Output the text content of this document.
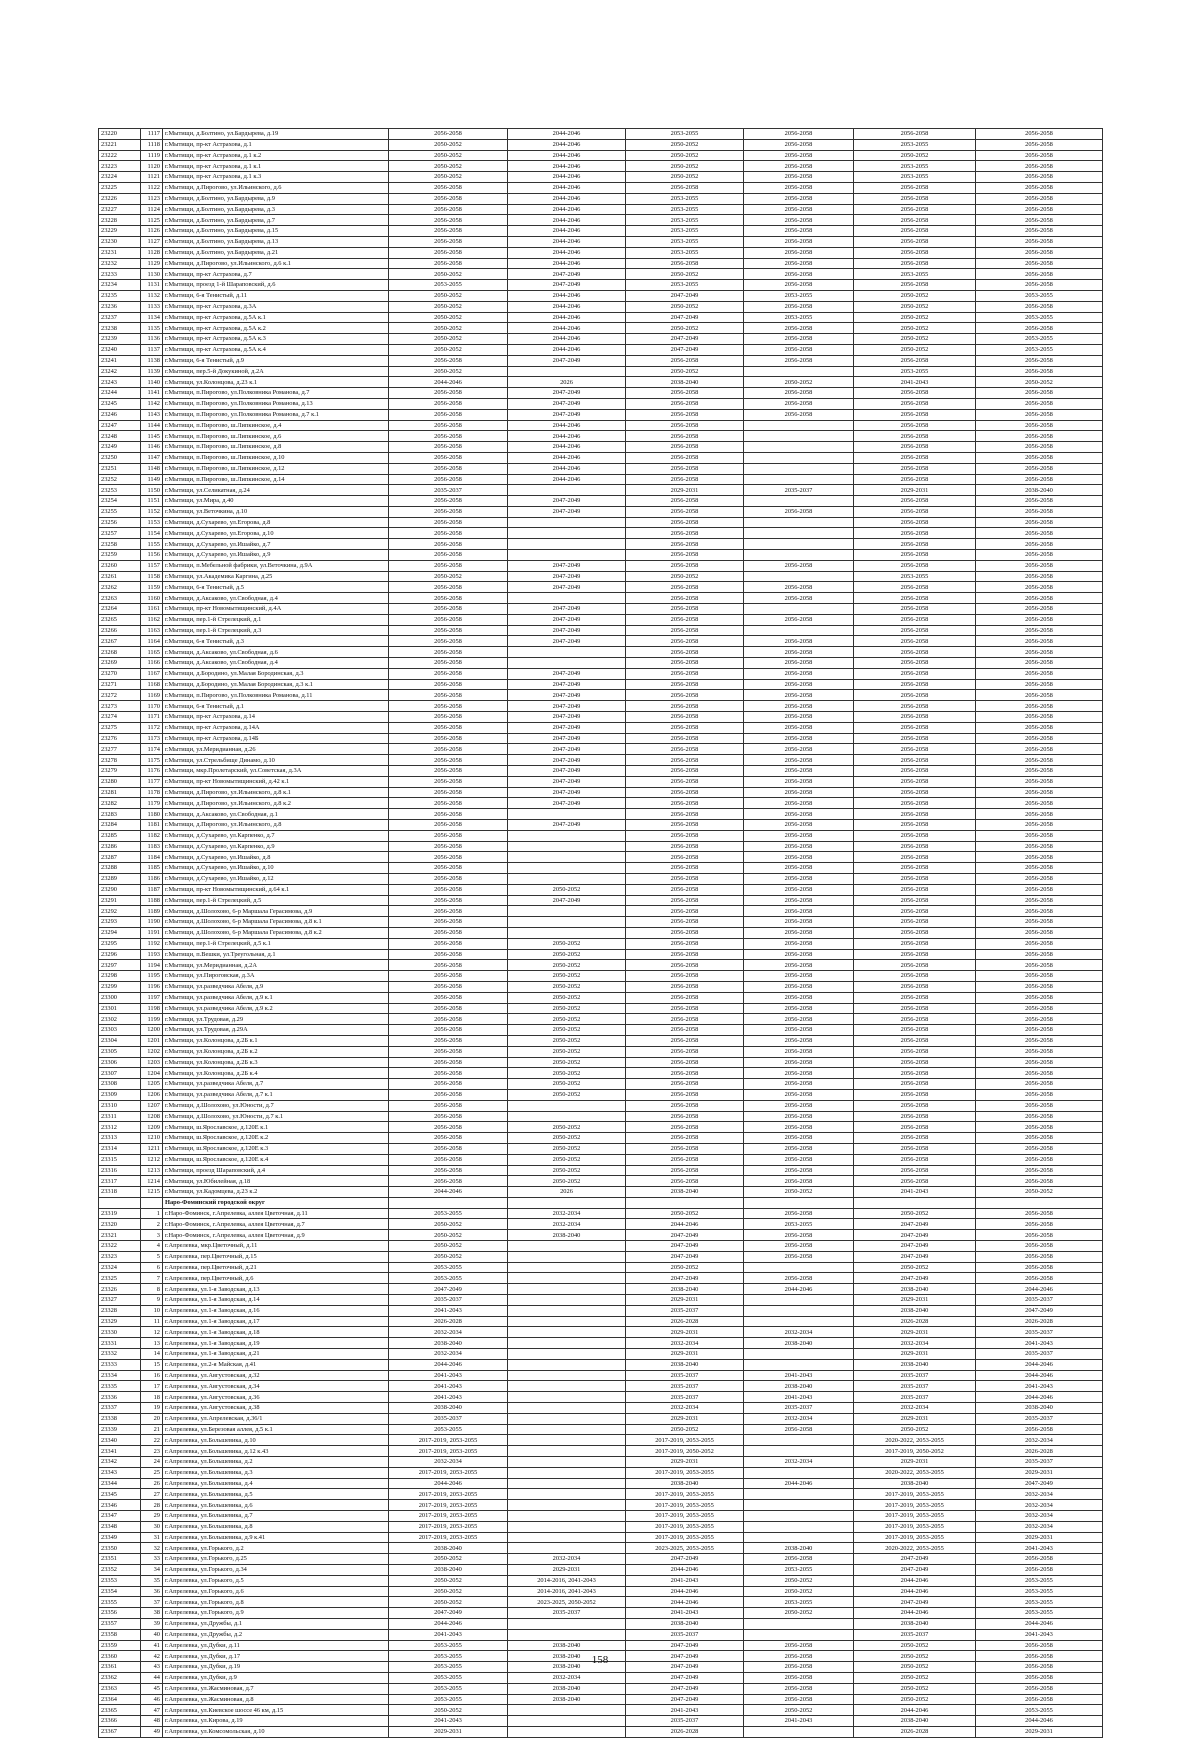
23220	1117	г.Мытищи, д.Болтино, ул.Бардырева, д.19	2056-2058	2044-2046	2053-2055	2056-2058	2056-2058	2056-2058
23221	1118	г.Мытищи, пр-кт Астрахова, д.1	2050-2052	2044-2046	2050-2052	2056-2058	2053-2055	2056-2058
23222	1119	г.Мытищи, пр-кт Астрахова, д.1 к.2	2050-2052	2044-2046	2050-2052	2056-2058	2050-2052	2056-2058
23223	1120	г.Мытищи, пр-кт Астрахова, д.1 к.1	2050-2052	2044-2046	2050-2052	2056-2058	2053-2055	2056-2058
23224	1121	г.Мытищи, пр-кт Астрахова, д.1 к.3	2050-2052	2044-2046	2050-2052	2056-2058	2053-2055	2056-2058
23225	1122	г.Мытищи, д.Пирогово, ул.Ильинского, д.6	2056-2058	2044-2046	2056-2058	2056-2058	2056-2058	2056-2058
23226	1123	г.Мытищи, д.Болтино, ул.Бардырева, д.9	2056-2058	2044-2046	2053-2055	2056-2058	2056-2058	2056-2058
23227	1124	г.Мытищи, д.Болтино, ул.Бардырева, д.3	2056-2058	2044-2046	2053-2055	2056-2058	2056-2058	2056-2058
23228	1125	г.Мытищи, д.Болтино, ул.Бардырева, д.7	2056-2058	2044-2046	2053-2055	2056-2058	2056-2058	2056-2058
23229	1126	г.Мытищи, д.Болтино, ул.Бардырева, д.15	2056-2058	2044-2046	2053-2055	2056-2058	2056-2058	2056-2058
23230	1127	г.Мытищи, д.Болтино, ул.Бардырева, д.13	2056-2058	2044-2046	2053-2055	2056-2058	2056-2058	2056-2058
23231	1128	г.Мытищи, д.Болтино, ул.Бардырева, д.21	2056-2058	2044-2046	2053-2055	2056-2058	2056-2058	2056-2058
23232	1129	г.Мытищи, д.Пирогово, ул.Ильинского, д.6 к.1	2056-2058	2044-2046	2056-2058	2056-2058	2056-2058	2056-2058
23233	1130	г.Мытищи, пр-кт Астрахова, д.7	2050-2052	2047-2049	2050-2052	2056-2058	2053-2055	2056-2058
23234	1131	г.Мытищи, проезд 1-й Шараповский, д.6	2053-2055	2047-2049	2053-2055	2056-2058	2056-2058	2056-2058
23235	1132	г.Мытищи, 6-я Тенистый, д.11	2050-2052	2044-2046	2047-2049	2053-2055	2050-2052	2053-2055
23236	1133	г.Мытищи, пр-кт Астрахова, д.3А	2050-2052	2044-2046	2050-2052	2056-2058	2050-2052	2056-2058
23237	1134	г.Мытищи, пр-кт Астрахова, д.5А к.1	2050-2052	2044-2046	2047-2049	2053-2055	2050-2052	2053-2055
23238	1135	г.Мытищи, пр-кт Астрахова, д.5А к.2	2050-2052	2044-2046	2050-2052	2056-2058	2050-2052	2056-2058
23239	1136	г.Мытищи, пр-кт Астрахова, д.5А к.3	2050-2052	2044-2046	2047-2049	2056-2058	2050-2052	2053-2055
23240	1137	г.Мытищи, пр-кт Астрахова, д.5А к.4	2050-2052	2044-2046	2047-2049	2056-2058	2050-2052	2053-2055
23241	1138	г.Мытищи, 6-я Тенистый, д.9	2056-2058	2047-2049	2056-2058	2056-2058	2056-2058	2056-2058
23242	1139	г.Мытищи, пер.5-й Докукиной, д.2А	2050-2052		2050-2052		2053-2055	2056-2058
23243	1140	г.Мытищи, ул.Колонцова, д.23 к.1	2044-2046	2026	2038-2040	2050-2052	2041-2043	2050-2052
23244	1141	г.Мытищи, п.Пирогово, ул.Полковника Романова, д.7	2056-2058	2047-2049	2056-2058	2056-2058	2056-2058	2056-2058
23245	1142	г.Мытищи, п.Пирогово, ул.Полковника Романова, д.13	2056-2058	2047-2049	2056-2058	2056-2058	2056-2058	2056-2058
23246	1143	г.Мытищи, п.Пирогово, ул.Полковника Романова, д.7 к.1	2056-2058	2047-2049	2056-2058	2056-2058	2056-2058	2056-2058
23247	1144	г.Мытищи, п.Пирогово, ш.Липкинское, д.4	2056-2058	2044-2046	2056-2058		2056-2058	2056-2058
23248	1145	г.Мытищи, п.Пирогово, ш.Липкинское, д.6	2056-2058	2044-2046	2056-2058		2056-2058	2056-2058
23249	1146	г.Мытищи, п.Пирогово, ш.Липкинское, д.8	2056-2058	2044-2046	2056-2058		2056-2058	2056-2058
23250	1147	г.Мытищи, п.Пирогово, ш.Липкинское, д.10	2056-2058	2044-2046	2056-2058		2056-2058	2056-2058
23251	1148	г.Мытищи, п.Пирогово, ш.Липкинское, д.12	2056-2058	2044-2046	2056-2058		2056-2058	2056-2058
23252	1149	г.Мытищи, п.Пирогово, ш.Липкинское, д.14	2056-2058	2044-2046	2056-2058		2056-2058	2056-2058
23253	1150	г.Мытищи, ул.Селикатная, д.24	2035-2037		2029-2031	2035-2037	2029-2031	2038-2040
23254	1151	г.Мытищи, ул.Мира, д.40	2056-2058	2047-2049	2056-2058		2056-2058	2056-2058
23255	1152	г.Мытищи, ул.Веточкина, д.10	2056-2058	2047-2049	2056-2058	2056-2058	2056-2058	2056-2058
23256	1153	г.Мытищи, д.Сухарево, ул.Егорова, д.8	2056-2058		2056-2058		2056-2058	2056-2058
23257	1154	г.Мытищи, д.Сухарево, ул.Егорова, д.10	2056-2058		2056-2058		2056-2058	2056-2058
23258	1155	г.Мытищи, д.Сухарево, ул.Ишайко, д.7	2056-2058		2056-2058		2056-2058	2056-2058
23259	1156	г.Мытищи, д.Сухарево, ул.Ишайко, д.9	2056-2058		2056-2058		2056-2058	2056-2058
23260	1157	г.Мытищи, п.Мебельной фабрики, ул.Веточкина, д.9А	2056-2058	2047-2049	2056-2058	2056-2058	2056-2058	2056-2058
23261	1158	г.Мытищи, ул.Академика Каргина, д.25	2050-2052	2047-2049	2050-2052		2053-2055	2056-2058
23262	1159	г.Мытищи, 6-я Тенистый, д.5	2056-2058	2047-2049	2056-2058	2056-2058	2056-2058	2056-2058
23263	1160	г.Мытищи, д.Аксаково, ул.Свободная, д.4	2056-2058		2056-2058	2056-2058	2056-2058	2056-2058
23264	1161	г.Мытищи, пр-кт Новомытищинский, д.4А	2056-2058	2047-2049	2056-2058		2056-2058	2056-2058
23265	1162	г.Мытищи, пер.1-й Стрелецкий, д.1	2056-2058	2047-2049	2056-2058	2056-2058	2056-2058	2056-2058
23266	1163	г.Мытищи, пер.1-й Стрелецкий, д.3	2056-2058	2047-2049	2056-2058		2056-2058	2056-2058
23267	1164	г.Мытищи, 6-я Тенистый, д.3	2056-2058	2047-2049	2056-2058	2056-2058	2056-2058	2056-2058
23268	1165	г.Мытищи, д.Аксаково, ул.Свободная, д.6	2056-2058		2056-2058	2056-2058	2056-2058	2056-2058
23269	1166	г.Мытищи, д.Аксаково, ул.Свободная, д.4	2056-2058		2056-2058	2056-2058	2056-2058	2056-2058
23270	1167	г.Мытищи, д.Бородино, ул.Малая Бородинская, д.3	2056-2058	2047-2049	2056-2058	2056-2058	2056-2058	2056-2058
23271	1168	г.Мытищи, д.Бородино, ул.Малая Бородинская, д.3 к.1	2056-2058	2047-2049	2056-2058	2056-2058	2056-2058	2056-2058
23272	1169	г.Мытищи, п.Пирогово, ул.Полковника Романова, д.11	2056-2058	2047-2049	2056-2058	2056-2058	2056-2058	2056-2058
23273	1170	г.Мытищи, 6-я Тенистый, д.1	2056-2058	2047-2049	2056-2058	2056-2058	2056-2058	2056-2058
23274	1171	г.Мытищи, пр-кт Астрахова, д.14	2056-2058	2047-2049	2056-2058	2056-2058	2056-2058	2056-2058
23275	1172	г.Мытищи, пр-кт Астрахова, д.14А	2056-2058	2047-2049	2056-2058	2056-2058	2056-2058	2056-2058
23276	1173	г.Мытищи, пр-кт Астрахова, д.14Б	2056-2058	2047-2049	2056-2058	2056-2058	2056-2058	2056-2058
23277	1174	г.Мытищи, ул.Меридианная, д.26	2056-2058	2047-2049	2056-2058	2056-2058	2056-2058	2056-2058
23278	1175	г.Мытищи, ул.Стрельбище Динамо, д.10	2056-2058	2047-2049	2056-2058	2056-2058	2056-2058	2056-2058
23279	1176	г.Мытищи, мкр.Пролетарский, ул.Советская, д.3А	2056-2058	2047-2049	2056-2058	2056-2058	2056-2058	2056-2058
23280	1177	г.Мытищи, пр-кт Новомытищинский, д.42 к.1	2056-2058	2047-2049	2056-2058	2056-2058	2056-2058	2056-2058
23281	1178	г.Мытищи, д.Пирогово, ул.Ильинского, д.8 к.1	2056-2058	2047-2049	2056-2058	2056-2058	2056-2058	2056-2058
23282	1179	г.Мытищи, д.Пирогово, ул.Ильинского, д.8 к.2	2056-2058	2047-2049	2056-2058	2056-2058	2056-2058	2056-2058
23283	1180	г.Мытищи, д.Аксаково, ул.Свободная, д.1	2056-2058		2056-2058	2056-2058	2056-2058	2056-2058
23284	1181	г.Мытищи, д.Пирогово, ул.Ильинского, д.8	2056-2058	2047-2049	2056-2058	2056-2058	2056-2058	2056-2058
23285	1182	г.Мытищи, д.Сухарево, ул.Карпенко, д.7	2056-2058		2056-2058	2056-2058	2056-2058	2056-2058
23286	1183	г.Мытищи, д.Сухарево, ул.Карпенко, д.9	2056-2058		2056-2058	2056-2058	2056-2058	2056-2058
23287	1184	г.Мытищи, д.Сухарево, ул.Ишайко, д.8	2056-2058		2056-2058	2056-2058	2056-2058	2056-2058
23288	1185	г.Мытищи, д.Сухарево, ул.Ишайко, д.10	2056-2058		2056-2058	2056-2058	2056-2058	2056-2058
23289	1186	г.Мытищи, д.Сухарево, ул.Ишайко, д.12	2056-2058		2056-2058	2056-2058	2056-2058	2056-2058
23290	1187	г.Мытищи, пр-кт Новомытищинский, д.64 к.1	2056-2058	2050-2052	2056-2058	2056-2058	2056-2058	2056-2058
23291	1188	г.Мытищи, пер.1-й Стрелецкий, д.5	2056-2058	2047-2049	2056-2058	2056-2058	2056-2058	2056-2058
23292	1189	г.Мытищи, д.Шолохово, 6-р Маршала Герасимова, д.9	2056-2058		2056-2058	2056-2058	2056-2058	2056-2058
23293	1190	г.Мытищи, д.Шолохово, 6-р Маршала Герасимова, д.8 к.1	2056-2058		2056-2058	2056-2058	2056-2058	2056-2058
23294	1191	г.Мытищи, д.Шолохово, 6-р Маршала Герасимова, д.8 к.2	2056-2058		2056-2058	2056-2058	2056-2058	2056-2058
23295	1192	г.Мытищи, пер.1-й Стрелецкий, д.5 к.1	2056-2058	2050-2052	2056-2058	2056-2058	2056-2058	2056-2058
23296	1193	г.Мытищи, п.Вешки, ул.Треугольная, д.1	2056-2058	2050-2052	2056-2058	2056-2058	2056-2058	2056-2058
23297	1194	г.Мытищи, ул.Меридианная, д.2А	2056-2058	2050-2052	2056-2058	2056-2058	2056-2058	2056-2058
23298	1195	г.Мытищи, ул.Пироговская, д.3А	2056-2058	2050-2052	2056-2058	2056-2058	2056-2058	2056-2058
23299	1196	г.Мытищи, ул.разведчика Абеля, д.9	2056-2058	2050-2052	2056-2058	2056-2058	2056-2058	2056-2058
23300	1197	г.Мытищи, ул.разведчика Абеля, д.9 к.1	2056-2058	2050-2052	2056-2058	2056-2058	2056-2058	2056-2058
23301	1198	г.Мытищи, ул.разведчика Абеля, д.9 к.2	2056-2058	2050-2052	2056-2058	2056-2058	2056-2058	2056-2058
23302	1199	г.Мытищи, ул.Трудовая, д.29	2056-2058	2050-2052	2056-2058	2056-2058	2056-2058	2056-2058
23303	1200	г.Мытищи, ул.Трудовая, д.29А	2056-2058	2050-2052	2056-2058	2056-2058	2056-2058	2056-2058
23304	1201	г.Мытищи, ул.Колонцова, д.2Б к.1	2056-2058	2050-2052	2056-2058	2056-2058	2056-2058	2056-2058
23305	1202	г.Мытищи, ул.Колонцова, д.2Б к.2	2056-2058	2050-2052	2056-2058	2056-2058	2056-2058	2056-2058
23306	1203	г.Мытищи, ул.Колонцова, д.2Б к.3	2056-2058	2050-2052	2056-2058	2056-2058	2056-2058	2056-2058
23307	1204	г.Мытищи, ул.Колонцова, д.2Б к.4	2056-2058	2050-2052	2056-2058	2056-2058	2056-2058	2056-2058
23308	1205	г.Мытищи, ул.разведчика Абеля, д.7	2056-2058	2050-2052	2056-2058	2056-2058	2056-2058	2056-2058
23309	1206	г.Мытищи, ул.разведчика Абеля, д.7 к.1	2056-2058	2050-2052	2056-2058	2056-2058	2056-2058	2056-2058
23310	1207	г.Мытищи, д.Шолохово, ул.Юности, д.7	2056-2058		2056-2058	2056-2058	2056-2058	2056-2058
23311	1208	г.Мытищи, д.Шолохово, ул.Юности, д.7 к.1	2056-2058		2056-2058	2056-2058	2056-2058	2056-2058
23312	1209	г.Мытищи, ш.Ярославское, д.120Е к.1	2056-2058	2050-2052	2056-2058	2056-2058	2056-2058	2056-2058
23313	1210	г.Мытищи, ш.Ярославское, д.120Е к.2	2056-2058	2050-2052	2056-2058	2056-2058	2056-2058	2056-2058
23314	1211	г.Мытищи, ш.Ярославское, д.120Е к.3	2056-2058	2050-2052	2056-2058	2056-2058	2056-2058	2056-2058
23315	1212	г.Мытищи, ш.Ярославское, д.120Е к.4	2056-2058	2050-2052	2056-2058	2056-2058	2056-2058	2056-2058
23316	1213	г.Мытищи, проезд Шараповский, д.4	2056-2058	2050-2052	2056-2058	2056-2058	2056-2058	2056-2058
23317	1214	г.Мытищи, ул.Юбилейная, д.18	2056-2058	2050-2052	2056-2058	2056-2058	2056-2058	2056-2058
23318	1215	г.Мытищи, ул.Кадомцева, д.23 к.2	2044-2046	2026	2038-2040	2050-2052	2041-2043	2050-2052
		Наро-Фоминский городской округ						
23319	1	г.Наро-Фоминск, г.Апрелевка, аллея Цветочная, д.11	2053-2055	2032-2034	2050-2052	2056-2058	2050-2052	2056-2058
23320	2	г.Наро-Фоминск, г.Апрелевка, аллея Цветочная, д.7	2050-2052	2032-2034	2044-2046	2053-2055	2047-2049	2056-2058
23321	3	г.Наро-Фоминск, г.Апрелевка, аллея Цветочная, д.9	2050-2052	2038-2040	2047-2049	2056-2058	2047-2049	2056-2058
23322	4	г.Апрелевка, мкр.Цветочный, д.11	2050-2052		2047-2049	2056-2058	2047-2049	2056-2058
23323	5	г.Апрелевка, пер.Цветочный, д.15	2050-2052		2047-2049	2056-2058	2047-2049	2056-2058
23324	6	г.Апрелевка, пер.Цветочный, д.21	2053-2055		2050-2052		2050-2052	2056-2058
23325	7	г.Апрелевка, пер.Цветочный, д.6	2053-2055		2047-2049	2056-2058	2047-2049	2056-2058
23326	8	г.Апрелевка, ул.1-я Заводская, д.13	2047-2049		2038-2040	2044-2046	2038-2040	2044-2046
23327	9	г.Апрелевка, ул.1-я Заводская, д.14	2035-2037		2029-2031		2029-2031	2035-2037
23328	10	г.Апрелевка, ул.1-я Заводская, д.16	2041-2043		2035-2037		2038-2040	2047-2049
23329	11	г.Апрелевка, ул.1-я Заводская, д.17	2026-2028		2026-2028		2026-2028	2026-2028
23330	12	г.Апрелевка, ул.1-я Заводская, д.18	2032-2034		2029-2031	2032-2034	2029-2031	2035-2037
23331	13	г.Апрелевка, ул.1-я Заводская, д.19	2038-2040		2032-2034	2038-2040	2032-2034	2041-2043
23332	14	г.Апрелевка, ул.1-я Заводская, д.21	2032-2034		2029-2031		2029-2031	2035-2037
23333	15	г.Апрелевка, ул.2-я Майская, д.41	2044-2046		2038-2040		2038-2040	2044-2046
23334	16	г.Апрелевка, ул.Августовская, д.32	2041-2043		2035-2037	2041-2043	2035-2037	2044-2046
23335	17	г.Апрелевка, ул.Августовская, д.34	2041-2043		2035-2037	2038-2040	2035-2037	2041-2043
23336	18	г.Апрелевка, ул.Августовская, д.36	2041-2043		2035-2037	2041-2043	2035-2037	2044-2046
23337	19	г.Апрелевка, ул.Августовская, д.38	2038-2040		2032-2034	2035-2037	2032-2034	2038-2040
23338	20	г.Апрелевка, ул.Апрелевская, д.36/1	2035-2037		2029-2031	2032-2034	2029-2031	2035-2037
23339	21	г.Апрелевка, ул.Березовая аллея, д.5 к.1	2053-2055		2050-2052	2056-2058	2050-2052	2056-2058
23340	22	г.Апрелевка, ул.Большевика, д.10	2017-2019, 2053-2055		2017-2019, 2053-2055		2020-2022, 2053-2055	2032-2034
23341	23	г.Апрелевка, ул.Большевика, д.12 к.43	2017-2019, 2053-2055		2017-2019, 2050-2052		2017-2019, 2050-2052	2026-2028
23342	24	г.Апрелевка, ул.Большевика, д.2	2032-2034		2029-2031	2032-2034	2029-2031	2035-2037
23343	25	г.Апрелевка, ул.Большевика, д.3	2017-2019, 2053-2055		2017-2019, 2053-2055		2020-2022, 2053-2055	2029-2031
23344	26	г.Апрелевка, ул.Большевика, д.4	2044-2046		2038-2040	2044-2046	2038-2040	2047-2049
23345	27	г.Апрелевка, ул.Большевика, д.5	2017-2019, 2053-2055		2017-2019, 2053-2055		2017-2019, 2053-2055	2032-2034
23346	28	г.Апрелевка, ул.Большевика, д.6	2017-2019, 2053-2055		2017-2019, 2053-2055		2017-2019, 2053-2055	2032-2034
23347	29	г.Апрелевка, ул.Большевика, д.7	2017-2019, 2053-2055		2017-2019, 2053-2055		2017-2019, 2053-2055	2032-2034
23348	30	г.Апрелевка, ул.Большевика, д.8	2017-2019, 2053-2055		2017-2019, 2053-2055		2017-2019, 2053-2055	2032-2034
23349	31	г.Апрелевка, ул.Большевика, д.9 к.41	2017-2019, 2053-2055		2017-2019, 2053-2055		2017-2019, 2053-2055	2029-2031
23350	32	г.Апрелевка, ул.Горького, д.2	2038-2040		2023-2025, 2053-2055	2038-2040	2020-2022, 2053-2055	2041-2043
23351	33	г.Апрелевка, ул.Горького, д.25	2050-2052	2032-2034	2047-2049	2056-2058	2047-2049	2056-2058
23352	34	г.Апрелевка, ул.Горького, д.34	2038-2040	2029-2031	2044-2046	2053-2055	2047-2049	2056-2058
23353	35	г.Апрелевка, ул.Горького, д.5	2050-2052	2014-2016, 2041-2043	2041-2043	2050-2052	2044-2046	2053-2055
23354	36	г.Апрелевка, ул.Горького, д.6	2050-2052	2014-2016, 2041-2043	2044-2046	2050-2052	2044-2046	2053-2055
23355	37	г.Апрелевка, ул.Горького, д.8	2050-2052	2023-2025, 2050-2052	2044-2046	2053-2055	2047-2049	2053-2055
23356	38	г.Апрелевка, ул.Горького, д.9	2047-2049	2035-2037	2041-2043	2050-2052	2044-2046	2053-2055
23357	39	г.Апрелевка, ул.Дружбы, д.1	2044-2046		2038-2040		2038-2040	2044-2046
23358	40	г.Апрелевка, ул.Дружбы, д.2	2041-2043		2035-2037		2035-2037	2041-2043
23359	41	г.Апрелевка, ул.Дубки, д.11	2053-2055	2038-2040	2047-2049	2056-2058	2050-2052	2056-2058
23360	42	г.Апрелевка, ул.Дубки, д.17	2053-2055	2038-2040	2047-2049	2056-2058	2050-2052	2056-2058
23361	43	г.Апрелевка, ул.Дубки, д.19	2053-2055	2038-2040	2047-2049	2056-2058	2050-2052	2056-2058
23362	44	г.Апрелевка, ул.Дубки, д.9	2053-2055	2032-2034	2047-2049	2056-2058	2050-2052	2056-2058
23363	45	г.Апрелевка, ул.Жасминовая, д.7	2053-2055	2038-2040	2047-2049	2056-2058	2050-2052	2056-2058
23364	46	г.Апрелевка, ул.Жасминовая, д.8	2053-2055	2038-2040	2047-2049	2056-2058	2050-2052	2056-2058
23365	47	г.Апрелевка, ул.Киевское шоссе 46 км, д.15	2050-2052		2041-2043	2050-2052	2044-2046	2053-2055
23366	48	г.Апрелевка, ул.Кирова, д.19	2041-2043		2035-2037	2041-2043	2038-2040	2044-2046
23367	49	г.Апрелевка, ул.Комсомольская, д.10	2029-2031		2026-2028		2026-2028	2029-2031
158
